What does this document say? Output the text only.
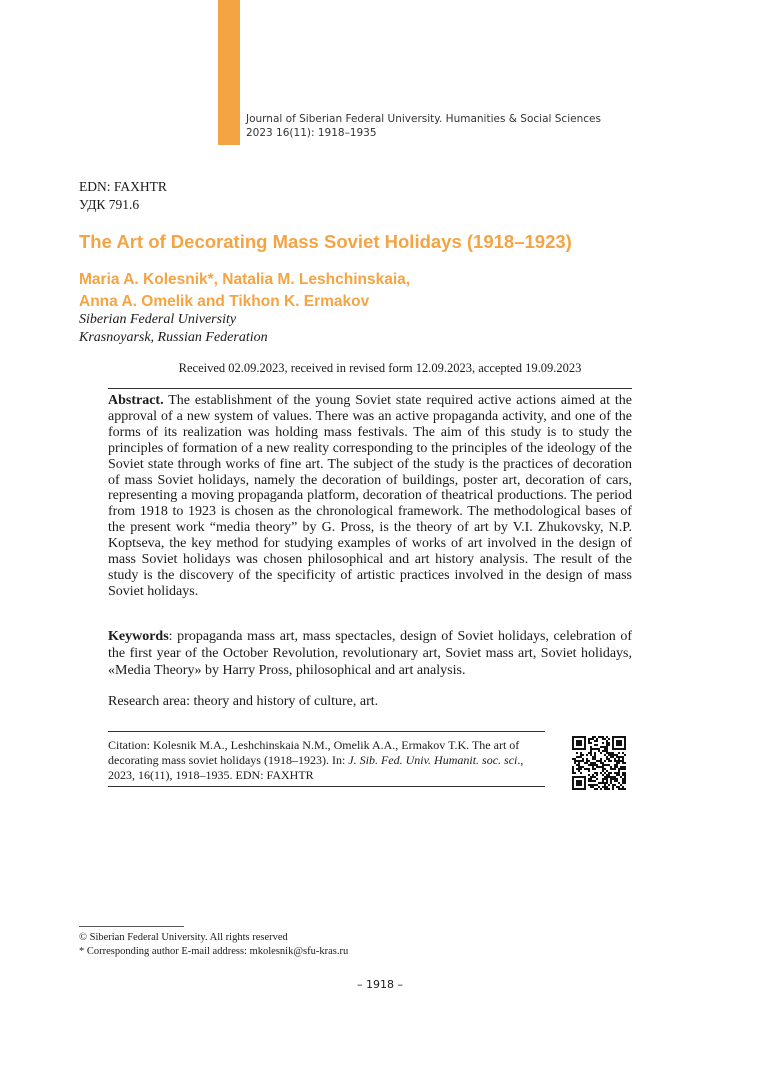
Journal of Siberian Federal University. Humanities & Social Sciences
2023 16(11): 1918–1935
EDN: FAXHTR
УДК 791.6
The Art of Decorating Mass Soviet Holidays (1918–1923)
Maria A. Kolesnik*, Natalia M. Leshchinskaia,
Anna A. Omelik and Tikhon K. Ermakov
Siberian Federal University
Krasnoyarsk, Russian Federation
Received 02.09.2023, received in revised form 12.09.2023, accepted 19.09.2023

Abstract. The establishment of the young Soviet state required active actions aimed at the approval of a new system of values. There was an active propaganda activity, and one of the forms of its realization was holding mass festivals. The aim of this study is to study the principles of formation of a new reality corresponding to the principles of the ideology of the Soviet state through works of fine art. The subject of the study is the practices of decoration of mass Soviet holidays, namely the decoration of buildings, poster art, decoration of cars, representing a moving propaganda platform, decoration of theatrical productions. The period from 1918 to 1923 is chosen as the chronological framework. The methodological bases of the present work “media theory” by G. Pross, is the theory of art by V.I. Zhukovsky, N.P. Koptseva, the key method for studying examples of works of art involved in the design of mass Soviet holidays was chosen philosophical and art history analysis. The result of the study is the discovery of the specificity of artistic practices involved in the design of mass Soviet holidays.

Keywords: propaganda mass art, mass spectacles, design of Soviet holidays, celebration of the first year of the October Revolution, revolutionary art, Soviet mass art, Soviet holidays, «Media Theory» by Harry Pross, philosophical and art analysis.

Research area: theory and history of culture, art.

Citation: Kolesnik M.A., Leshchinskaia N.M., Omelik A.A., Ermakov T.K. The art of decorating mass soviet holidays (1918–1923). In: J. Sib. Fed. Univ. Humanit. soc. sci., 2023, 16(11), 1918–1935. EDN: FAXHTR

© Siberian Federal University. All rights reserved
* Corresponding author E-mail address: mkolesnik@sfu-kras.ru
– 1918 –
